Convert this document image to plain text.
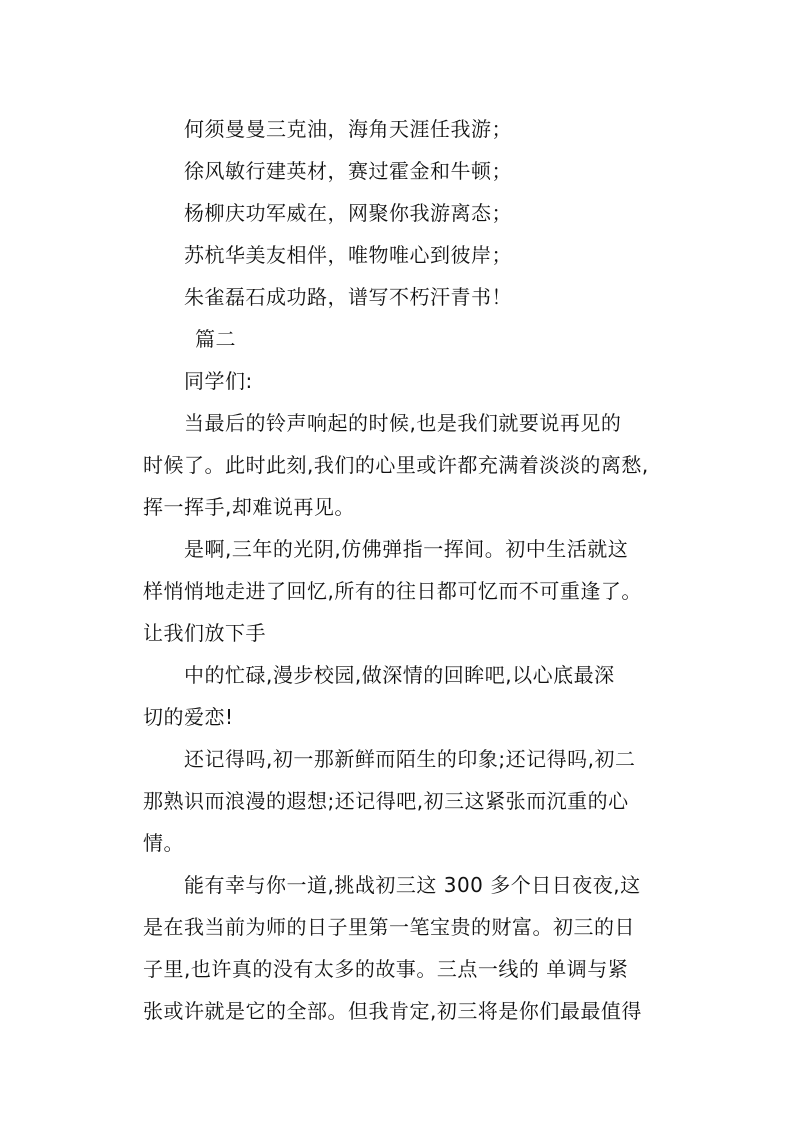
何须曼曼三克油，海角天涯任我游；
徐风敏行建英材，赛过霍金和牛顿；
杨柳庆功军威在，网聚你我游离态；
苏杭华美友相伴，唯物唯心到彼岸；
朱雀磊石成功路，谱写不朽汗青书！
篇二
同学们:
当最后的铃声响起的时候,也是我们就要说再见的
时候了。此时此刻,我们的心里或许都充满着淡淡的离愁,
挥一挥手,却难说再见。
是啊,三年的光阴,仿佛弹指一挥间。初中生活就这
样悄悄地走进了回忆,所有的往日都可忆而不可重逢了。
让我们放下手
中的忙碌,漫步校园,做深情的回眸吧,以心底最深
切的爱恋!
还记得吗,初一那新鲜而陌生的印象;还记得吗,初二
那熟识而浪漫的遐想;还记得吧,初三这紧张而沉重的心
情。
能有幸与你一道,挑战初三这 300 多个日日夜夜,这
是在我当前为师的日子里第一笔宝贵的财富。初三的日
子里,也许真的没有太多的故事。三点一线的 单调与紧
张或许就是它的全部。但我肯定,初三将是你们最最值得
